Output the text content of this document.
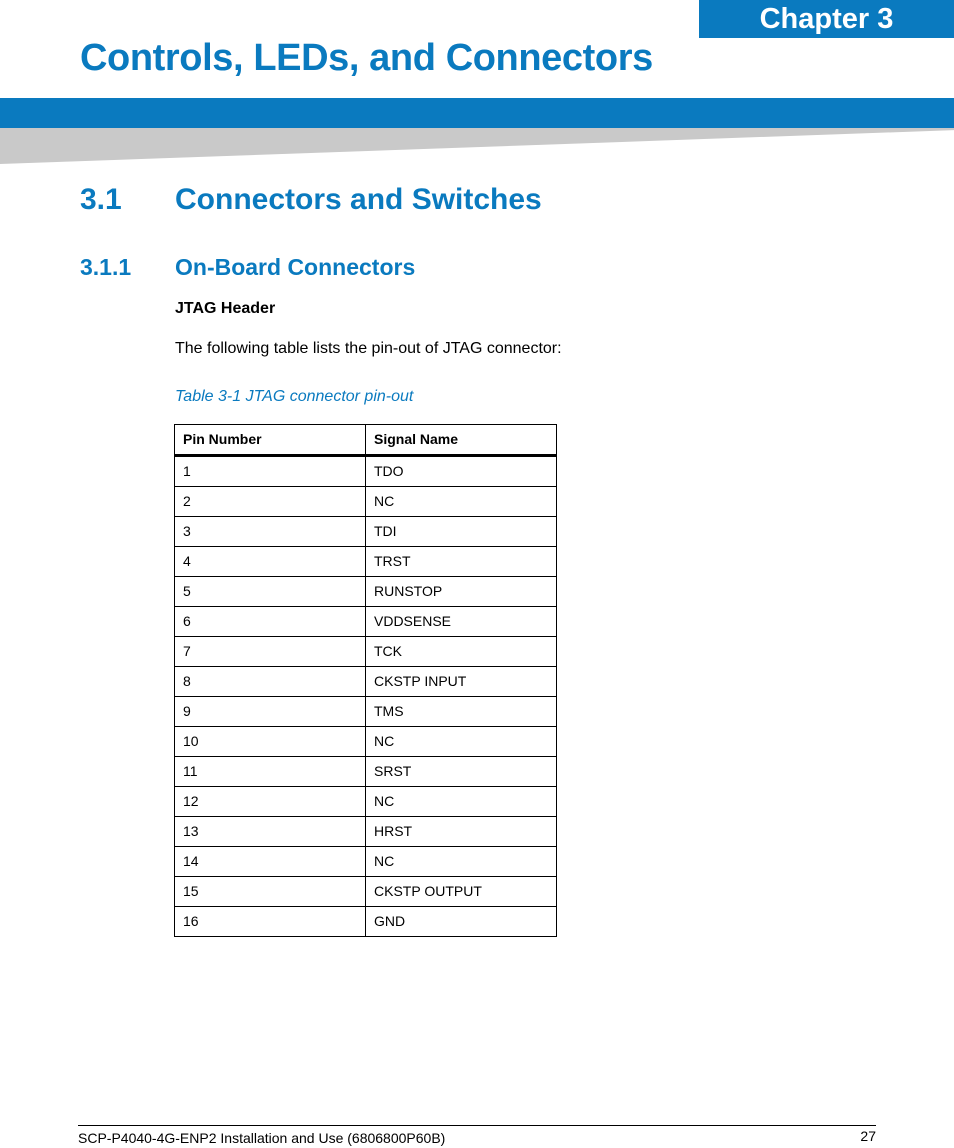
Chapter 3
Controls, LEDs, and Connectors
3.1 Connectors and Switches
3.1.1 On-Board Connectors
JTAG Header
The following table lists the pin-out of JTAG connector:
Table 3-1 JTAG connector pin-out
Pin Number	Signal Name
1	TDO
2	NC
3	TDI
4	TRST
5	RUNSTOP
6	VDDSENSE
7	TCK
8	CKSTP INPUT
9	TMS
10	NC
11	SRST
12	NC
13	HRST
14	NC
15	CKSTP OUTPUT
16	GND
SCP-P4040-4G-ENP2 Installation and Use (6806800P60B)	27
